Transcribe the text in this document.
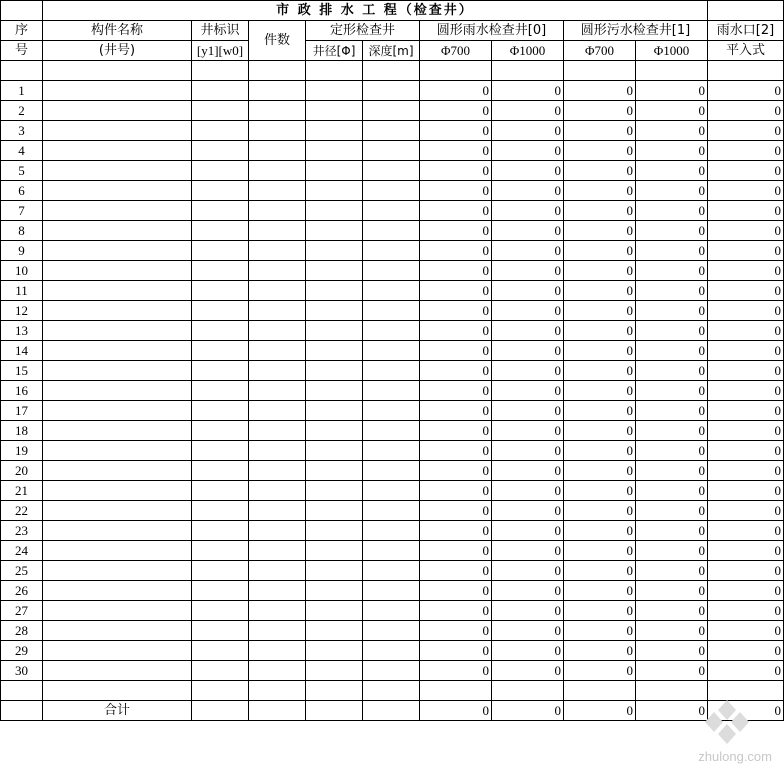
	市 政 排 水 工 程（检查井）									
序	构件名称	井标识	件数	定形检查井		圆形雨水检查井[0]		圆形污水检查井[1]		雨水口[2]
号	(井号)	[y1][w0]		井径[Φ]	深度[m]	Φ700	Φ1000	Φ700	Φ1000	平入式

1						0	0	0	0	0
2						0	0	0	0	0
3						0	0	0	0	0
4						0	0	0	0	0
5						0	0	0	0	0
6						0	0	0	0	0
7						0	0	0	0	0
8						0	0	0	0	0
9						0	0	0	0	0
10						0	0	0	0	0
11						0	0	0	0	0
12						0	0	0	0	0
13						0	0	0	0	0
14						0	0	0	0	0
15						0	0	0	0	0
16						0	0	0	0	0
17						0	0	0	0	0
18						0	0	0	0	0
19						0	0	0	0	0
20						0	0	0	0	0
21						0	0	0	0	0
22						0	0	0	0	0
23						0	0	0	0	0
24						0	0	0	0	0
25						0	0	0	0	0
26						0	0	0	0	0
27						0	0	0	0	0
28						0	0	0	0	0
29						0	0	0	0	0
30						0	0	0	0	0

	合计					0	0	0	0	0
zhulong.com
